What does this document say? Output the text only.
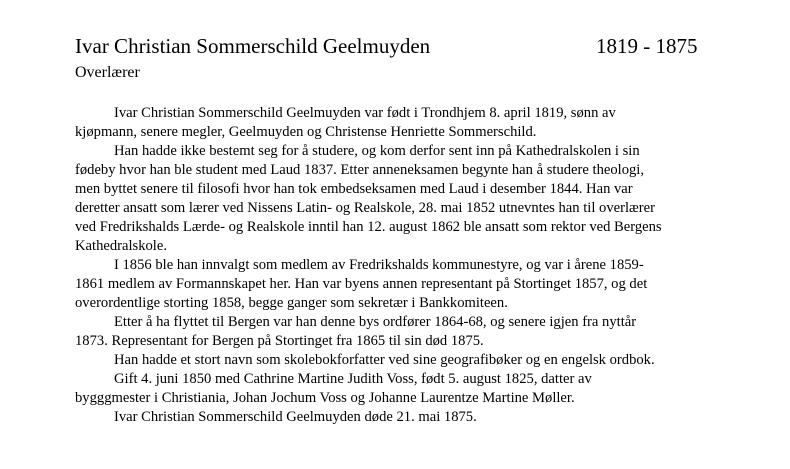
Ivar Christian Sommerschild Geelmuyden	1819 - 1875
Overlærer
Ivar Christian Sommerschild Geelmuyden var født i Trondhjem 8. april 1819, sønn av
kjøpmann, senere megler, Geelmuyden og Christense Henriette Sommerschild.
Han hadde ikke bestemt seg for å studere, og kom derfor sent inn på Kathedralskolen i sin
fødeby hvor han ble student med Laud 1837. Etter anneneksamen begynte han å studere theologi,
men byttet senere til filosofi hvor han tok embedseksamen med Laud i desember 1844. Han var
deretter ansatt som lærer ved Nissens Latin- og Realskole, 28. mai 1852 utnevntes han til overlærer
ved Fredrikshalds Lærde- og Realskole inntil han 12. august 1862 ble ansatt som rektor ved Bergens
Kathedralskole.
I 1856 ble han innvalgt som medlem av Fredrikshalds kommunestyre, og var i årene 1859-
1861 medlem av Formannskapet her. Han var byens annen representant på Stortinget 1857, og det
overordentlige storting 1858, begge ganger som sekretær i Bankkomiteen.
Etter å ha flyttet til Bergen var han denne bys ordfører 1864-68, og senere igjen fra nyttår
1873. Representant for Bergen på Stortinget fra 1865 til sin død 1875.
Han hadde et stort navn som skolebokforfatter ved sine geografibøker og en engelsk ordbok.
Gift 4. juni 1850 med Cathrine Martine Judith Voss, født 5. august 1825, datter av
bygggmester i Christiania, Johan Jochum Voss og Johanne Laurentze Martine Møller.
Ivar Christian Sommerschild Geelmuyden døde 21. mai 1875.
